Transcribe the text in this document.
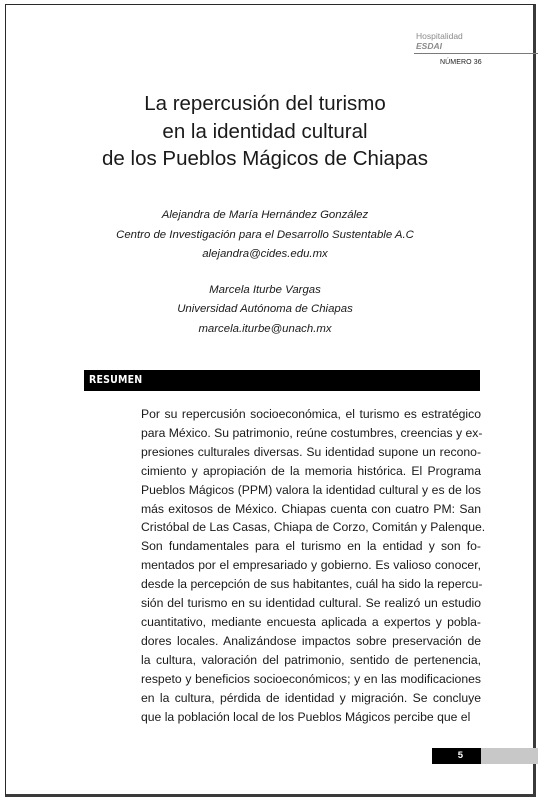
Hospitalidad
ESDAI
NÚMERO 36
La repercusión del turismo
en la identidad cultural
de los Pueblos Mágicos de Chiapas
Alejandra de María Hernández González
Centro de Investigación para el Desarrollo Sustentable A.C
alejandra@cides.edu.mx
Marcela Iturbe Vargas
Universidad Autónoma de Chiapas
marcela.iturbe@unach.mx
RESUMEN
Por su repercusión socioeconómica, el turismo es estratégico
para México. Su patrimonio, reúne costumbres, creencias y ex-
presiones culturales diversas. Su identidad supone un recono-
cimiento y apropiación de la memoria histórica. El Programa
Pueblos Mágicos (PPM) valora la identidad cultural y es de los
más exitosos de México. Chiapas cuenta con cuatro PM: San
Cristóbal de Las Casas, Chiapa de Corzo, Comitán y Palenque.
Son fundamentales para el turismo en la entidad y son fo-
mentados por el empresariado y gobierno. Es valioso conocer,
desde la percepción de sus habitantes, cuál ha sido la repercu-
sión del turismo en su identidad cultural. Se realizó un estudio
cuantitativo, mediante encuesta aplicada a expertos y pobla-
dores locales. Analizándose impactos sobre preservación de
la cultura, valoración del patrimonio, sentido de pertenencia,
respeto y beneficios socioeconómicos; y en las modificaciones
en la cultura, pérdida de identidad y migración. Se concluye
que la población local de los Pueblos Mágicos percibe que el
5
